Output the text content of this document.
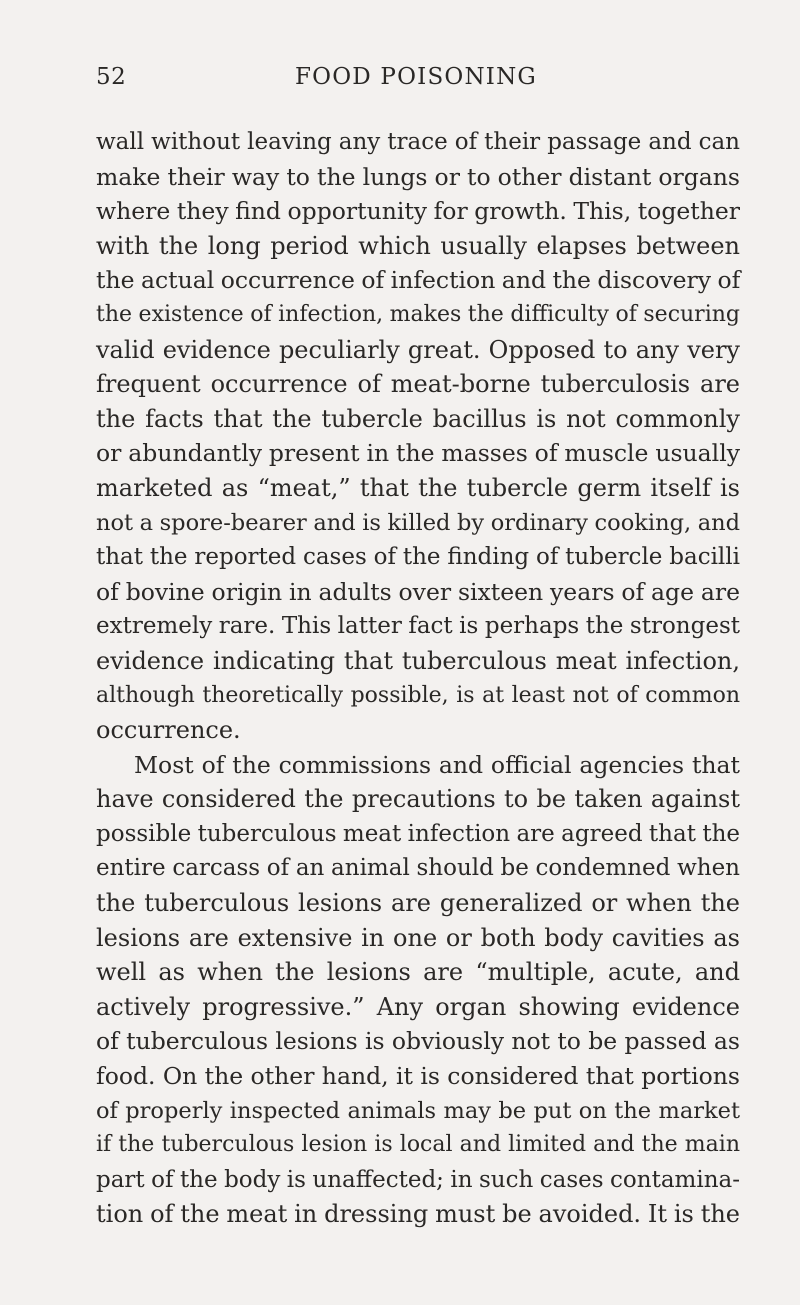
52	FOOD POISONING
wall without leaving any trace of their passage and can
make their way to the lungs or to other distant organs
where they find opportunity for growth. This, together
with the long period which usually elapses between
the actual occurrence of infection and the discovery of
the existence of infection, makes the difficulty of securing
valid evidence peculiarly great. Opposed to any very
frequent occurrence of meat-borne tuberculosis are
the facts that the tubercle bacillus is not commonly
or abundantly present in the masses of muscle usually
marketed as “meat,” that the tubercle germ itself is
not a spore-bearer and is killed by ordinary cooking, and
that the reported cases of the finding of tubercle bacilli
of bovine origin in adults over sixteen years of age are
extremely rare. This latter fact is perhaps the strongest
evidence indicating that tuberculous meat infection,
although theoretically possible, is at least not of common
occurrence.
Most of the commissions and official agencies that
have considered the precautions to be taken against
possible tuberculous meat infection are agreed that the
entire carcass of an animal should be condemned when
the tuberculous lesions are generalized or when the
lesions are extensive in one or both body cavities as
well as when the lesions are “multiple, acute, and
actively progressive.” Any organ showing evidence
of tuberculous lesions is obviously not to be passed as
food. On the other hand, it is considered that portions
of properly inspected animals may be put on the market
if the tuberculous lesion is local and limited and the main
part of the body is unaffected; in such cases contamina-
tion of the meat in dressing must be avoided. It is the
